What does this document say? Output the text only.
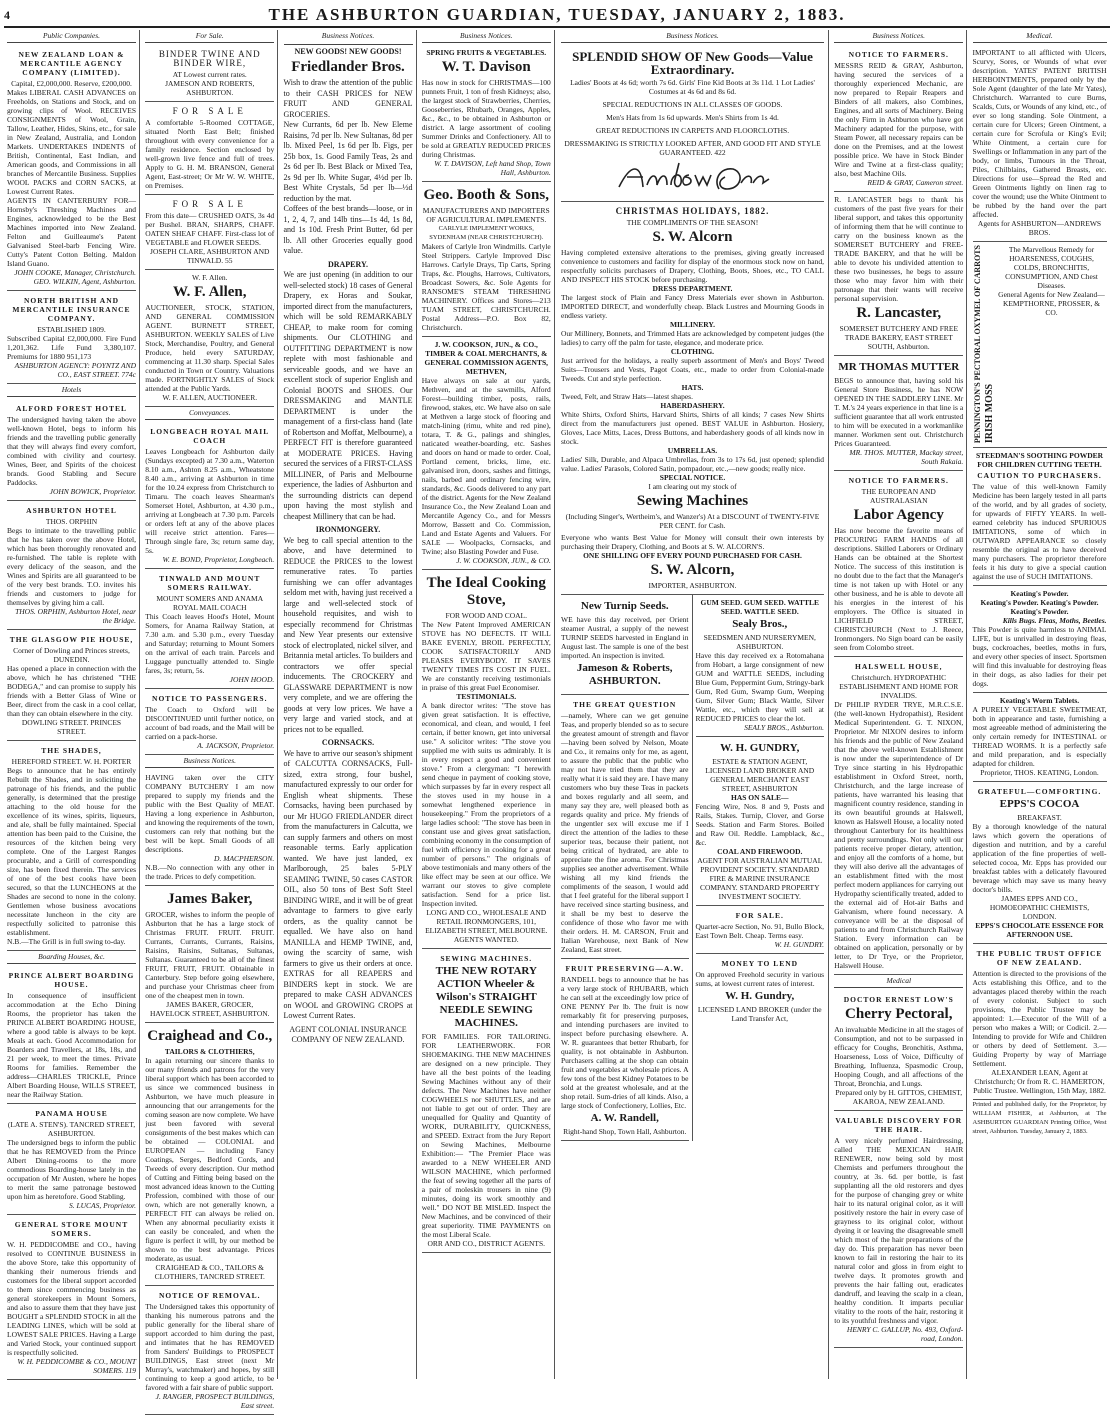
4	THE ASHBURTON GUARDIAN, TUESDAY, JANUARY 2, 1883.
Public Companies.
NEW ZEALAND LOAN & MERCANTILE AGENCY COMPANY (LIMITED).
Capital, £2,000,000. Reserve, £200,000.
Makes LIBERAL CASH ADVANCES on Freeholds, on Stations and Stock, and on growing clips of Wool. RECEIVES CONSIGNMENTS of Wool, Grain, Tallow, Leather, Hides, Skins, etc., for sale in New Zealand, Australia, and London Markets. UNDERTAKES INDENTS of British, Continental, East Indian, and American goods, and Commissions in all branches of Mercantile Business. Supplies WOOL PACKS and CORN SACKS, at Lowest Current Rates.
AGENTS IN CANTERBURY FOR— Hornsby's Threshing Machines and Engines, acknowledged to be the Best Machines imported into New Zealand. Felton and Guilleaume's Patent Galvanised Steel-barb Fencing Wire. Cutty's Patent Cotton Belting. Maldon Island Guano.
JOHN COOKE, Manager, Christchurch. GEO. WILKIN, Agent, Ashburton.
NORTH BRITISH AND MERCANTILE INSURANCE COMPANY.
ESTABLISHED 1809.
Subscribed Capital £2,000,000. Fire Fund 1,201,362. Life Fund 3,380,107. Premiums for 1880 951,173
ASHBURTON AGENCY: POYNTZ AND CO., EAST STREET. 774c
Hotels
ALFORD FOREST HOTEL
The undersigned having taken the above well-known Hotel, begs to inform his friends and the travelling public generally that they will always find every comfort, combined with civility and courtesy. Wines, Beer, and Spirits of the choicest brands. Good Stabling and Secure Paddocks.
JOHN BOWICK, Proprietor.
ASHBURTON HOTEL
THOS. ORPHIN
Begs to intimate to the travelling public that he has taken over the above Hotel, which has been thoroughly renovated and re-furnished. The table is replete with every delicacy of the season, and the Wines and Spirits are all guaranteed to be of the very best brands. T.O. invites his friends and customers to judge for themselves by giving him a call.
THOS. ORPHIN, Ashburton Hotel, near the Bridge.
THE GLASGOW PIE HOUSE,
Corner of Dowling and Princes streets, DUNEDIN.
Has opened a place in connection with the above, which he has christened "THE BODEGA," and can promise to supply his friends with a Better Glass of Wine or Beer, direct from the cask in a cool cellar, than they can obtain elsewhere in the city.
DOWLING STREET. PRINCES STREET.
THE SHADES,
HEREFORD STREET. W. H. PORTER
Begs to announce that he has entirely Rebuilt the Shades, and in soliciting the patronage of his friends, and the public generally, is determined that the prestige attaching to the old house for the excellence of its wines, spirits, liqueurs, and ale, shall be fully maintained. Special attention has been paid to the Cuisine, the resources of the kitchen being very complete. One of the Largest Ranges procurable, and a Grill of corresponding size, has been fixed therein. The services of one of the best cooks have been secured, so that the LUNCHEONS at the Shades are second to none in the colony. Gentlemen whose business avocations necessitate luncheon in the city are respectfully solicited to patronise this establishment.
N.B.—The Grill is in full swing to-day.
Boarding Houses, &c.
PRINCE ALBERT BOARDING HOUSE.
In consequence of insufficient accommodation at the Echo Dining Rooms, the proprietor has taken the PRINCE ALBERT BOARDING HOUSE, where a good table is always to be kept. Meals at each. Good Accommodation for Boarders and Travellers, at 18s, 18s, and 21 per week, to meet the times. Private Rooms for families. Remember the address—CHARLES TRICKLE, Prince Albert Boarding House, WILLS STREET, near the Railway Station.
PANAMA HOUSE
(LATE A. STEN'S). TANCRED STREET, ASHBURTON.
The undersigned begs to inform the public that he has REMOVED from the Prince Albert Dining-rooms to the more commodious Boarding-house lately in the occupation of Mr Austen, where he hopes to merit the same patronage bestowed upon him as heretofore. Good Stabling.
S. LUCAS, Proprietor.
GENERAL STORE MOUNT SOMERS.
W. H. PEDDICOMBE and CO., having resolved to CONTINUE BUSINESS in the above Store, take this opportunity of thanking their numerous friends and customers for the liberal support accorded to them since commencing business as general storekeepers in Mount Somers, and also to assure them that they have just BOUGHT a SPLENDID STOCK in all the LEADING LINES, which will be sold at LOWEST SALE PRICES. Having a Large and Varied Stock, your continued support is respectfully solicited.
W. H. PEDDICOMBE & CO., MOUNT SOMERS. 119
For Sale.
BINDER TWINE AND BINDER WIRE,
AT Lowest current rates.
JAMESON AND ROBERTS, ASHBURTON.
FOR SALE
A comfortable 5-Roomed COTTAGE, situated North East Belt; finished throughout with every convenience for a family residence. Section enclosed by well-grown live fence and full of trees. Apply to G. H. M. BRANSON, General Agent, East-street; Or Mr W. W. WHITE, on Premises.
FOR SALE
From this date— CRUSHED OATS, 3s 4d per Bushel. BRAN, SHARPS, CHAFF. OATEN SHEAF CHAFF. First-class lot of VEGETABLE and FLOWER SEEDS.
JOSEPH CLARE, ASHBURTON AND TINWALD. 55
W. F. Allen.
W. F. Allen,
AUCTIONEER, STOCK, STATION, AND GENERAL COMMISSION AGENT. BURNETT STREET, ASHBURTON. WEEKLY SALES of Live Stock, Merchandise, Poultry, and General Produce, held every SATURDAY, commencing at 11.30 sharp. Special Sales conducted in Town or Country. Valuations made. FORTNIGHTLY SALES of Stock attended at the Public Yards.
W. F. ALLEN, AUCTIONEER.
Conveyances.
LONGBEACH ROYAL MAIL COACH
Leaves Longbeach for Ashburton daily (Sundays excepted) at 7.30 a.m., Waterton 8.10 a.m., Ashton 8.25 a.m., Wheatstone 8.40 a.m., arriving at Ashburton in time for the 10.24 express from Christchurch to Timaru. The coach leaves Shearman's Somerset Hotel, Ashburton, at 4.30 p.m., arriving at Longbeach at 7.30 p.m. Parcels or orders left at any of the above places will receive strict attention. Fares—Through single fare, 3s; return same day, 5s.
W. E. BOND, Proprietor, Longbeach.
TINWALD AND MOUNT SOMERS RAILWAY.
MOUNT SOMERS AND ANAMA ROYAL MAIL COACH
This Coach leaves Hood's Hotel, Mount Somers, for Anama Railway Station, at 7.30 a.m. and 5.30 p.m., every Tuesday and Saturday; returning to Mount Somers on the arrival of each train. Parcels and Luggage punctually attended to. Single fares, 3s; return, 5s.
JOHN HOOD.
NOTICE TO PASSENGERS.
The Coach to Oxford will be DISCONTINUED until further notice, on account of bad roads, and the Mail will be carried on a pack-horse.
A. JACKSON, Proprietor.
Business Notices.
HAVING taken over the CITY COMPANY BUTCHERY I am now prepared to supply my friends and the public with the Best Quality of MEAT. Having a long experience in Ashburton, and knowing the requirements of the town, customers can rely that nothing but the best will be kept. Small Goods of all descriptions.
D. MACPHERSON.
N.B.—No connection with any other in the trade. Prices to defy competition.
James Baker,
GROCER, wishes to inform the people of Ashburton that he has a large stock of Christmas FRUIT. FRUIT. FRUIT. Currants, Currants, Currants, Raisins, Raisins, Raisins, Sultanas, Sultanas, Sultanas. Guaranteed to be all of the finest FRUIT, FRUIT, FRUIT. Obtainable in Canterbury. Step before going elsewhere, and purchase your Christmas cheer from one of the cheapest men in town.
JAMES BAKER, GROCER, HAVELOCK STREET, ASHBURTON.
Craighead and Co.,
TAILORS & CLOTHIERS,
In again returning our sincere thanks to our many friends and patrons for the very liberal support which has been accorded to us since we commenced business in Ashburton, we have much pleasure in announcing that our arrangements for the coming season are now complete. We have just been favored with several consignments of the best makes which can be obtained — COLONIAL and EUROPEAN — including Fancy Coatings, Serges, Bedford Cords, and Tweeds of every description. Our method of Cutting and Fitting being based on the most advanced ideas known to the Cutting Profession, combined with those of our own, which are not generally known, a PERFECT FIT can always be relied on. When any abnormal peculiarity exists it can easily be concealed, and when the figure is perfect it will, by our method be shown to the best advantage. Prices moderate, as usual.
CRAIGHEAD & CO., TAILORS & CLOTHIERS, TANCRED STREET.
NOTICE OF REMOVAL.
The Undersigned takes this opportunity of thanking his numerous patrons and the public generally for the liberal share of support accorded to him during the past, and intimates that he has REMOVED from Sanders' Buildings to PROSPECT BUILDINGS, East street (next Mr Murray's, watchmaker) and hopes, by still continuing to keep a good article, to be favored with a fair share of public support.
J. RANGER, PROSPECT BUILDINGS, East street.
Business Notices.
NEW GOODS! NEW GOODS!
Friedlander Bros.
Wish to draw the attention of the public to their CASH PRICES for NEW FRUIT AND GENERAL GROCERIES.
New Currants, 6d per lb. New Eleme Raisins, 7d per lb. New Sultanas, 8d per lb. Mixed Peel, 1s 6d per lb. Figs, per 25b box, 1s. Good Family Teas, 2s and 2s 6d per lb. Best Black or Mixed Tea, 2s 9d per lb. White Sugar, 4½d per lb. Best White Crystals, 5d per lb—½d reduction by the mat.
Coffees of the best brands—loose, or in 1, 2, 4, 7, and 14lb tins—1s 4d, 1s 8d, and 1s 10d. Fresh Print Butter, 6d per lb. All other Groceries equally good value.
DRAPERY.
We are just opening (in addition to our well-selected stock) 18 cases of General Drapery, ex Horas and Soukar, imported direct from the manufacturers, which will be sold REMARKABLY CHEAP, to make room for coming shipments. Our CLOTHING and OUTFITTING DEPARTMENT is now replete with most fashionable and serviceable goods, and we have an excellent stock of superior English and Colonial BOOTS and SHOES. Our DRESSMAKING and MANTLE DEPARTMENT is under the management of a first-class hand (late of Robertson and Moffat, Melbourne), a PERFECT FIT is therefore guaranteed at MODERATE PRICES. Having secured the services of a FIRST-CLASS MILLINER, of Paris and Melbourne experience, the ladies of Ashburton and the surrounding districts can depend upon having the most stylish and cheapest Millinery that can be had.
IRONMONGERY.
We beg to call special attention to the above, and have determined to REDUCE the PRICES to the lowest remunerative rates. To parties furnishing we can offer advantages seldom met with, having just received a large and well-selected stock of household requisites, and wish to especially recommend for Christmas and New Year presents our extensive stock of electroplated, nickel silver, and Britannia metal articles. To builders and contractors we offer special inducements. The CROCKERY and GLASSWARE DEPARTMENT is now very complete, and we are offering the goods at very low prices. We have a very large and varied stock, and at prices not to be equalled.
CORNSACKS.
We have to arrive our season's shipment of CALCUTTA CORNSACKS, Full-sized, extra strong, four bushel, manufactured expressly to our order for English wheat shipments. These Cornsacks, having been purchased by our Mr HUGO FRIEDLANDER direct from the manufacturers in Calcutta, we can supply farmers and others on most reasonable terms. Early application wanted. We have just landed, ex Marlborough, 25 bales 5-PLY SEAMING TWINE, 50 cases CASTOR OIL, also 50 tons of Best Soft Steel BINDING WIRE, and it will be of great advantage to farmers to give early orders, as the quality cannot be equalled. We have also on hand MANILLA and HEMP TWINE, and, owing the scarcity of same, wish farmers to give us their orders at once. EXTRAS for all REAPERS and BINDERS kept in stock. We are prepared to make CASH ADVANCES on WOOL and GROWING CROPS at Lowest Current Rates.
AGENT COLONIAL INSURANCE COMPANY OF NEW ZEALAND.
Business Notices.
SPRING FRUITS & VEGETABLES.
W. T. Davison
Has now in stock for CHRISTMAS—100 punnets Fruit, 1 ton of fresh Kidneys; also, the largest stock of Strawberries, Cherries, Gooseberries, Rhubarb, Oranges, Apples, &c., &c., to be obtained in Ashburton or district. A large assortment of cooling Summer Drinks and Confectionery. All to be sold at GREATLY REDUCED PRICES during Christmas.
W. T. DAVISON, Left hand Shop, Town Hall, Ashburton.
Geo. Booth & Sons,
MANUFACTURERS AND IMPORTERS OF AGRICULTURAL IMPLEMENTS.
CARLYLE IMPLEMENT WORKS, SYDENHAM (NEAR CHRISTCHURCH).
Makers of Carlyle Iron Windmills. Carlyle Steel Strippers. Carlyle Improved Disc Harrows. Carlyle Drays, Tip Carts, Spring Traps, &c. Ploughs, Harrows, Cultivators, Broadcast Sowers, &c. Sole Agents for RANSOME'S STEAM THRESHING MACHINERY. Offices and Stores—213 TUAM STREET, CHRISTCHURCH. Postal Address—P.O. Box 82, Christchurch.
J. W. COOKSON, JUN., & CO., TIMBER & COAL MERCHANTS, & GENERAL COMMISSION AGENTS, METHVEN,
Have always on sale at our yards, Methven, and at the sawmills, Alford Forest—building timber, posts, rails, firewood, stakes, etc. We have also on sale at Methven a large stock of flooring and match-lining (rimu, white and red pine), totara, T. & G., palings and shingles, naticated weather-boarding, etc. Sashes and doors on hand or made to order. Coal, Portland cement, bricks, lime, etc. galvanised iron, doors, sashes and fittings, nails, barbed and ordinary fencing wire, standards, &c. Goods delivered to any part of the district. Agents for the New Zealand Insurance Co., the New Zealand Loan and Mercantile Agency Co., and for Messrs Morrow, Bassett and Co. Commission, Land and Estate Agents and Valuers. For SALE — Woolpacks, Cornsacks, and Twine; also Blasting Powder and Fuse.
J. W. COOKSON, JUN., & CO.
The Ideal Cooking Stove,
FOR WOOD AND COAL.
The New Patent Improved AMERICAN STOVE has NO DEFECTS. IT WILL BAKE EVENLY, BROIL PERFECTLY, COOK SATISFACTORILY AND PLEASES EVERYBODY. IT SAVES TWENTY TIMES ITS COST IN FUEL. We are constantly receiving testimonials in praise of this great Fuel Economiser.
TESTIMONIALS.
A bank director writes: "The stove has given great satisfaction. It is effective, economical, and clean, and would, I feel certain, if better known, get into universal use." A solicitor writes: "The stove you supplied me with suits us admirably. It is in every respect a good and convenient stove." From a clergyman: "I herewith send cheque in payment of cooking stove, which surpasses by far in every respect all the stoves used in my house in a somewhat lengthened experience in housekeeping." From the proprietors of a large ladies school: "The stove has been in constant use and gives great satisfaction, combining economy in the consumption of fuel with efficiency in cooking for a great number of persons." The originals of above testimonials and many others of the like effect may be seen at our office. We warrant our stoves to give complete satisfaction. Send for a price list. Inspection invited.
LONG AND CO., WHOLESALE AND RETAIL IRONMONGERS, 101, ELIZABETH STREET, MELBOURNE. AGENTS WANTED.
SEWING MACHINES.
THE NEW ROTARY ACTION Wheeler & Wilson's STRAIGHT NEEDLE SEWING MACHINES.
FOR FAMILIES. FOR TAILORING. FOR LEATHERWORK. FOR SHOEMAKING. THE NEW MACHINES are designed on a new principle. They have all the best points of the leading Sewing Machines without any of their defects. The New Machines have neither COGWHEELS nor SHUTTLES, and are not liable to get out of order. They are unequalled for Quality and Quantity of WORK, DURABILITY, QUICKNESS, and SPEED. Extract from the Jury Report on Sewing Machines, Melbourne Exhibition:— "The Premier Place was awarded to a NEW WHEELER AND WILSON MACHINE, which performed the feat of sewing together all the parts of a pair of moleskin trousers in nine (9) minutes, doing its work smoothly and well." DO NOT BE MISLED. Inspect the New Machines, and be convinced of their great superiority. TIME PAYMENTS on the most Liberal Scale.
ORR AND CO., DISTRICT AGENTS.
Business Notices.
SPLENDID SHOW OF New Goods—Value Extraordinary.
Ladies' Boots at 4s 6d; worth 7s 6d. Girls' Fine Kid Boots at 3s 11d. 1 Lot Ladies' Costumes at 4s 6d and 8s 6d.
SPECIAL REDUCTIONS IN ALL CLASSES OF GOODS.
Men's Hats from 1s 6d upwards. Men's Shirts from 1s 4d.
GREAT REDUCTIONS IN CARPETS AND FLOORCLOTHS.
DRESSMAKING IS STRICTLY LOOKED AFTER, AND GOOD FIT AND STYLE GUARANTEED. 422
CHRISTMAS HOLIDAYS, 1882.
THE COMPLIMENTS OF THE SEASON!
S. W. Alcorn
Having completed extensive alterations to the premises, giving greatly increased convenience to customers and facility for display of the enormous stock now on hand, respectfully solicits purchasers of Drapery, Clothing, Boots, Shoes, etc., TO CALL AND INSPECT HIS STOCK before purchasing.
DRESS DEPARTMENT.
The largest stock of Plain and Fancy Dress Materials ever shown in Ashburton. IMPORTED DIRECT, and wonderfully cheap. Black Lustres and Mourning Goods in endless variety.
MILLINERY.
Our Millinery, Bonnets, and Trimmed Hats are acknowledged by competent judges (the ladies) to carry off the palm for taste, elegance, and moderate price.
CLOTHING.
Just arrived for the holidays, a really superb assortment of Men's and Boys' Tweed Suits—Trousers and Vests, Pagot Coats, etc., made to order from Colonial-made Tweeds. Cut and style perfection.
HATS.
Tweed, Felt, and Straw Hats—latest shapes.
HABERDASHERY.
White Shirts, Oxford Shirts, Harvard Shirts, Shirts of all kinds; 7 cases New Shirts direct from the manufacturers just opened. BEST VALUE in Ashburton. Hosiery, Gloves, Lace Mitts, Laces, Dress Buttons, and haberdashery goods of all kinds now in stock.
UMBRELLAS.
Ladies' Silk, Durable, and Alpaca Umbrellas, from 3s to 17s 6d, just opened; splendid value. Ladies' Parasols, Colored Satin, pompadour, etc.,—new goods; really nice.
SPECIAL NOTICE.
I am clearing out my stock of
Sewing Machines
(Including Singer's, Wertheim's, and Wanzer's) At a DISCOUNT of TWENTY-FIVE PER CENT. for Cash.
Everyone who wants Best Value for Money will consult their own interests by purchasing their Drapery, Clothing, and Boots at S. W. ALCORN'S.
ONE SHILLING OFF EVERY POUND PURCHASED FOR CASH.
S. W. Alcorn,
IMPORTER, ASHBURTON.
New Turnip Seeds.
WE have this day received, per Orient steamer Austral, a supply of the newest TURNIP SEEDS harvested in England in August last. The sample is one of the best imported. An inspection is invited.
Jameson & Roberts, ASHBURTON.
THE GREAT QUESTION
—namely, Where can we get genuine Teas, and properly blended so as to secure the greatest amount of strength and flavor—having been solved by Nelson, Moate and Co., it remains only for me, as agent, to assure the public that the public who may not have tried them that they are really what it is said they are. I have many customers who buy these Teas in packets and boxes regularly and all seem, and many say they are, well pleased both as regards quality and price. My friends of the ungentler sex will excuse me if I direct the attention of the ladies to these superior teas, because their patient, not being critical of hydrated, are able to appreciate the fine aroma. For Christmas supplies see another advertisement. While wishing all my kind friends the compliments of the season, I would add that I feel grateful for the liberal support I have received since starting business, and it shall be my best to deserve the confidence of those who favor me with their orders. H. M. CARSON, Fruit and Italian Warehouse, next Bank of New Zealand, East street.
FRUIT PRESERVING—A.W.
RANDELL begs to announce that he has a very large stock of RHUBARB, which he can sell at the exceedingly low price of ONE PENNY Per lb. The fruit is now remarkably fit for preserving purposes, and intending purchasers are invited to inspect before purchasing elsewhere. A. W. R. guarantees that better Rhubarb, for quality, is not obtainable in Ashburton. Purchasers calling at the shop can obtain fruit and vegetables at wholesale prices. A few tons of the best Kidney Potatoes to be sold at the greatest wholesale, and at the shop retail. Sum-dries of all kinds. Also, a large stock of Confectionery, Lollies, Etc.
A. W. Randell,
Right-hand Shop, Town Hall, Ashburton.
GUM SEED. GUM SEED. WATTLE SEED. WATTLE SEED.
Sealy Bros.,
SEEDSMEN AND NURSERYMEN, ASHBURTON.
Have this day received ex a Rotomahana from Hobart, a large consignment of new GUM and WATTLE SEEDS, including Blue Gum, Peppermint Gum, Stringy-bark Gum, Red Gum, Swamp Gum, Weeping Gum, Silver Gum; Black Wattle, Silver Wattle, etc., which they will sell at REDUCED PRICES to clear the lot.
SEALY BROS., Ashburton.
W. H. GUNDRY,
ESTATE & STATION AGENT, LICENSED LAND BROKER AND GENERAL MERCHANT EAST STREET, ASHBURTON
HAS ON SALE—
Fencing Wire, Nos. 8 and 9, Posts and Rails, Stakes. Turnip, Clover, and Gorse Seeds. Station and Farm Stores. Boiled and Raw Oil. Reddle. Lampblack, &c., &c.
COAL AND FIREWOOD.
AGENT FOR AUSTRALIAN MUTUAL PROVIDENT SOCIETY. STANDARD FIRE & MARINE INSURANCE COMPANY. STANDARD PROPERTY INVESTMENT SOCIETY.
FOR SALE.
Quarter-acre Section, No. 91, Bullo Block, East Town Belt. Cheap. Terms easy.
W. H. GUNDRY.
MONEY TO LEND
On approved Freehold security in various sums, at lowest current rates of interest.
W. H. Gundry,
LICENSED LAND BROKER (under the Land Transfer Act,
Business Notices.
NOTICE TO FARMERS.
MESSRS REID & GRAY, Ashburton, having secured the services of a thoroughly experienced Mechanic, are now prepared to Repair Reapers and Binders of all makers, also Combines, Engines, and all sorts of Machinery. Being the only Firm in Ashburton who have got Machinery adapted for the purpose, with Steam Power, all necessary repairs can be done on the Premises, and at the lowest possible price. We have in Stock Binder Wire and Twine at a first-class quality; also, best Machine Oils.
REID & GRAY, Cameron street.
R. LANCASTER begs to thank his customers of the past five years for their liberal support, and takes this opportunity of informing them that he will continue to carry on the business known as the SOMERSET BUTCHERY and FREE-TRADE BAKERY, and that he will be able to devote his undivided attention to these two businesses, he begs to assure those who may favor him with their patronage that their wants will receive personal supervision.
R. Lancaster,
SOMERSET BUTCHERY AND FREE TRADE BAKERY, EAST STREET SOUTH, Ashburton.
MR THOMAS MUTTER
BEGS to announce that, having sold his General Store Business, he has NOW OPENED IN THE SADDLERY LINE. Mr T. M.'s 24 years experience in that line is a sufficient guarantee that all work entrusted to him will be executed in a workmanlike manner. Workmen sent out. Christchurch Prices Guaranteed.
MR. THOS. MUTTER, Mackay street, South Rakaia.
NOTICE TO FARMERS.
THE EUROPEAN AND AUSTRALASIAN
Labor Agency
Has now become the favorite means of PROCURING FARM HANDS of all descriptions. Skilled Laborers or Ordinary Hands can be obtained at the Shortest Notice. The success of this institution is no doubt due to the fact that the Manager's time is not taken up with Hotel or any other business, and he is able to devote all his energies in the interest of his employers. The Office is situated in LICHFIELD STREET, CHRISTCHURCH (Next to J. Reece, Ironmongers. No Sign board can be easily seen from Colombo street.
HALSWELL HOUSE,
Christchurch. HYDROPATHIC ESTABLISHMENT AND HOME FOR INVALIDS.
Dr PHILIP RYDER TRYE, M.R.C.S.E. (the well-known Hydropathist), Resident Medical Superintendent. G. T. NIXON, Proprietor. Mr NIXON desires to inform his friends and the public of New Zealand that the above well-known Establishment is now under the superintendence of Dr Trye since starting in his Hydropathic establishment in Oxford Street, north, Christchurch, and the large increase of patients, have warranted his leasing that magnificent country residence, standing in its own beautiful grounds at Halswell, known as Halswell House, a locality noted throughout Canterbury for its healthiness and pretty surroundings. Not only will our patients receive proper dietary, attention, and enjoy all the comforts of a home, but they will also derive all the advantages of an establishment fitted with the most perfect modern appliances for carrying out Hydropathy scientifically treated, added to the external aid of Hot-air Baths and Galvanism, where found necessary. A conveyance will be at the disposal of patients to and from Christchurch Railway Station. Every information can be obtained on application, personally or by letter, to Dr Trye, or the Proprietor, Halswell House.
Medical
DOCTOR ERNEST LOW'S
Cherry Pectoral,
An invaluable Medicine in all the stages of Consumption, and not to be surpassed in efficacy for Coughs, Bronchitis, Asthma, Hoarseness, Loss of Voice, Difficulty of Breathing, Influenza, Spasmodic Croup, Hooping Cough, and all affections of the Throat, Bronchia, and Lungs.
Prepared only by H. GITTOS, CHEMIST, AKAROA, NEW ZEALAND.
VALUABLE DISCOVERY FOR THE HAIR.
A very nicely perfumed Hairdressing, called THE MEXICAN HAIR RENEWER, now being sold by most Chemists and perfumers throughout the country, at 3s. 6d. per bottle, is fast supplanting all the old restorers and dyes for the purpose of changing grey or white hair to its natural original color, as it will positively restore the hair in every case of grayness to its original color, without dyeing it or leaving the disagreeable smell which most of the hair preparations of the day do. This preparation has never been known to fail in restoring the hair to its natural color and gloss in from eight to twelve days. It promotes growth and prevents the hair falling out, eradicates dandruff, and leaving the scalp in a clean, healthy condition. It imparts peculiar vitality to the roots of the hair, restoring it to its youthful freshness and vigor.
HENRY C. GALLUP, No. 493, Oxford-road, London.
Medical.
IMPORTANT to all afflicted with Ulcers, Scurvy, Sores, or Wounds of what ever description. YATES' PATENT BRITISH HERBOINTMENTS, prepared only by the Sole Agent (daughter of the late Mr Yates), Christchurch. Warranted to cure Burns, Scalds, Cuts, or Wounds of any kind, etc., of ever so long standing. Sole Ointment, a certain cure for Ulcers; Green Ointment, a certain cure for Scrofula or King's Evil; White Ointment, a certain cure for Swellings or Inflammation in any part of the body, or limbs, Tumours in the Throat, Piles, Chilblains, Gathered Breasts, etc. Directions for use—Spread the Red and Green Ointments lightly on linen rag to cover the wound; use the White Ointment to be rubbed by the hand over the part affected.
Agents for ASHBURTON—ANDREWS BROS.
PENNINGTON'S PECTORAL OXYMEL OF CARROTS IRISH MOSS
The Marvellous Remedy for HOARSENESS, COUGHS, COLDS, BRONCHITIS, CONSUMPTION, AND Chest Diseases.
General Agents for New Zealand— KEMPTHORNE, PROSSER, & CO.
STEEDMAN'S SOOTHING POWDER FOR CHILDREN CUTTING TEETH.
CAUTION TO PURCHASERS.
The value of this well-known Family Medicine has been largely tested in all parts of the world, and by all grades of society, for upwards of FIFTY YEARS. In well-earned celebrity has induced SPURIOUS IMITATIONS, some of which in OUTWARD APPEARANCE so closely resemble the original as to have deceived many purchasers. The proprietor therefore feels it his duty to give a special caution against the use of SUCH IMITATIONS.
Keating's Powder.
Keating's Powder. Keating's Powder. Keating's Powder.
Kills Bugs. Fleas, Moths, Beetles.
This Powder is quite harmless to ANIMAL LIFE, but is unrivalled in destroying fleas, bugs, cockroaches, beetles, moths in furs, and every other species of insect. Sportsmen will find this invaluable for destroying fleas in their dogs, as also ladies for their pet dogs.
Keating's Worm Tablets.
A PURELY VEGETABLE SWEETMEAT, both in appearance and taste, furnishing a most agreeable method of administering the only certain remedy for INTESTINAL or THREAD WORMS. It is a perfectly safe and mild preparation, and is especially adapted for children.
Proprietor, THOS. KEATING, London.
GRATEFUL—COMFORTING.
EPPS'S COCOA
BREAKFAST.
By a thorough knowledge of the natural laws which govern the operations of digestion and nutrition, and by a careful application of the fine properties of well-selected cocoa, Mr. Epps has provided our breakfast tables with a delicately flavoured beverage which may save us many heavy doctor's bills.
JAMES EPPS AND CO., HOMOEOPATHIC CHEMISTS, LONDON.
EPPS'S CHOCOLATE ESSENCE FOR AFTERNOON USE.
THE PUBLIC TRUST OFFICE OF NEW ZEALAND.
Attention is directed to the provisions of the Acts establishing this Office, and to the advantages placed thereby within the reach of every colonist. Subject to such provisions, the Public Trustee may be appointed: 1.—Executor of the Will of a person who makes a Will; or Codicil. 2.—Intending to provide for Wife and Children or others by deed of Settlement. 3.—Guiding Property by way of Marriage Settlement.
ALEXANDER LEAN, Agent at Christchurch; Or from R. C. HAMERTON, Public Trustee. Wellington, 15th May, 1882.
Printed and published daily, for the Proprietor, by WILLIAM FISHER, at Ashburton, at The ASHBURTON GUARDIAN Printing Office, West street, Ashburton. Tuesday, January 2, 1883.
